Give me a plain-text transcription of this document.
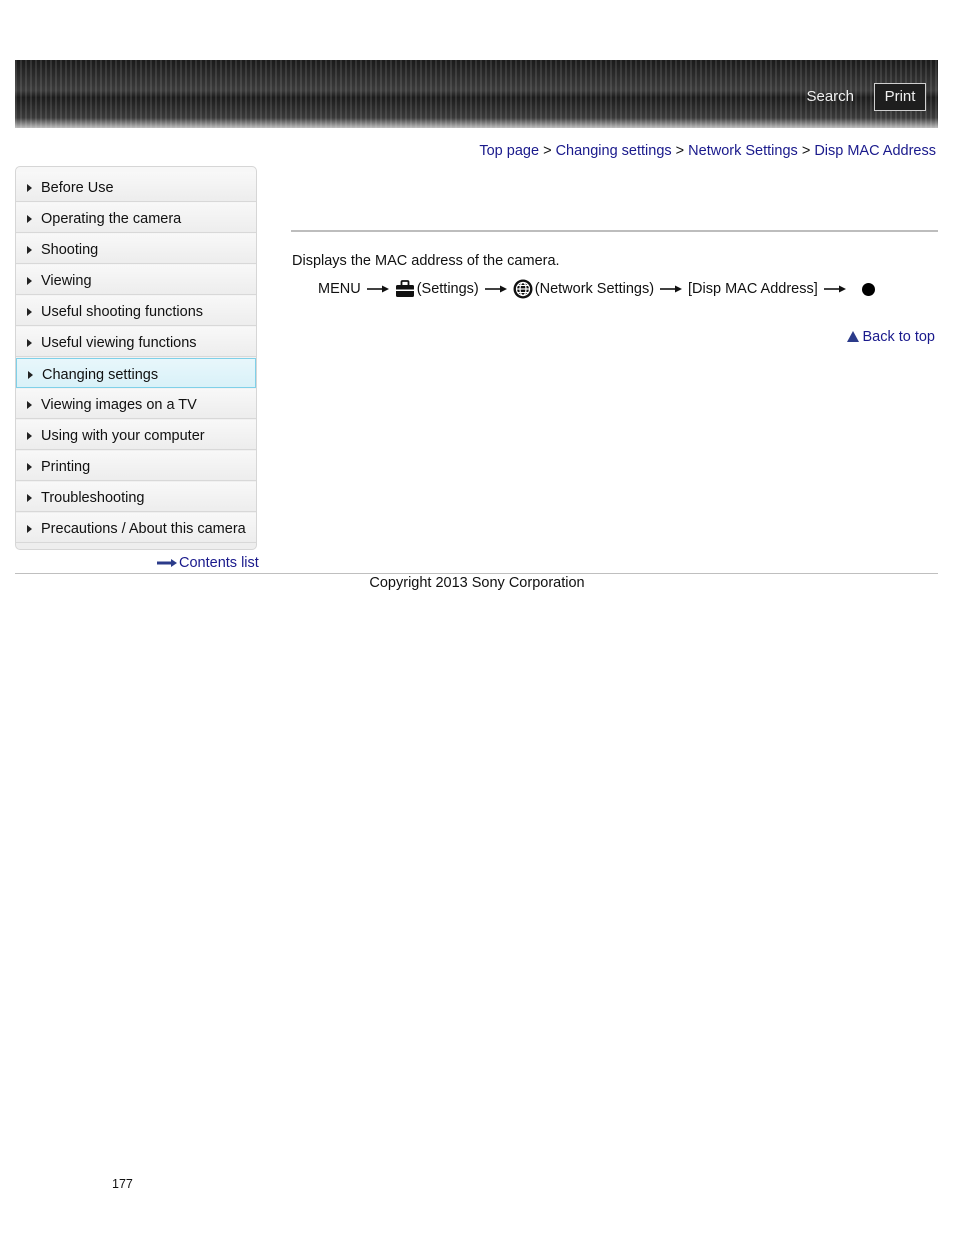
Search	Print
Top page > Changing settings > Network Settings > Disp MAC Address
Before Use
Operating the camera
Shooting
Viewing
Useful shooting functions
Useful viewing functions
Changing settings
Viewing images on a TV
Using with your computer
Printing
Troubleshooting
Precautions / About this camera
Contents list
Displays the MAC address of the camera.
MENU	(Settings)	(Network Settings) [Disp MAC Address]
Back to top
Copyright 2013 Sony Corporation
177
